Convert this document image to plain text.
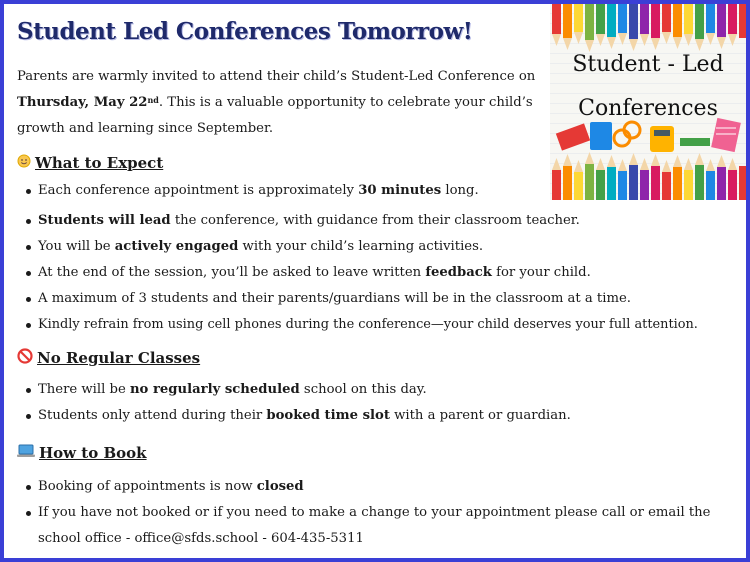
Student Led Conferences Tomorrow!

Parents are warmly invited to attend their child’s Student-Led Conference on Thursday, May 22nd. This is a valuable opportunity to celebrate your child’s growth and learning since September.

Student - Led
Conferences
What to Expect
Each conference appointment is approximately 30 minutes long.
Students will lead the conference, with guidance from their classroom teacher.
You will be actively engaged with your child’s learning activities.
At the end of the session, you’ll be asked to leave written feedback for your child.
A maximum of 3 students and their parents/guardians will be in the classroom at a time.
Kindly refrain from using cell phones during the conference—your child deserves your full attention.
No Regular Classes
There will be no regularly scheduled school on this day.
Students only attend during their booked time slot with a parent or guardian.
How to Book
Booking of appointments is now closed
If you have not booked or if you need to make a change to your appointment please call or email the school office - office@sfds.school - 604-435-5311
